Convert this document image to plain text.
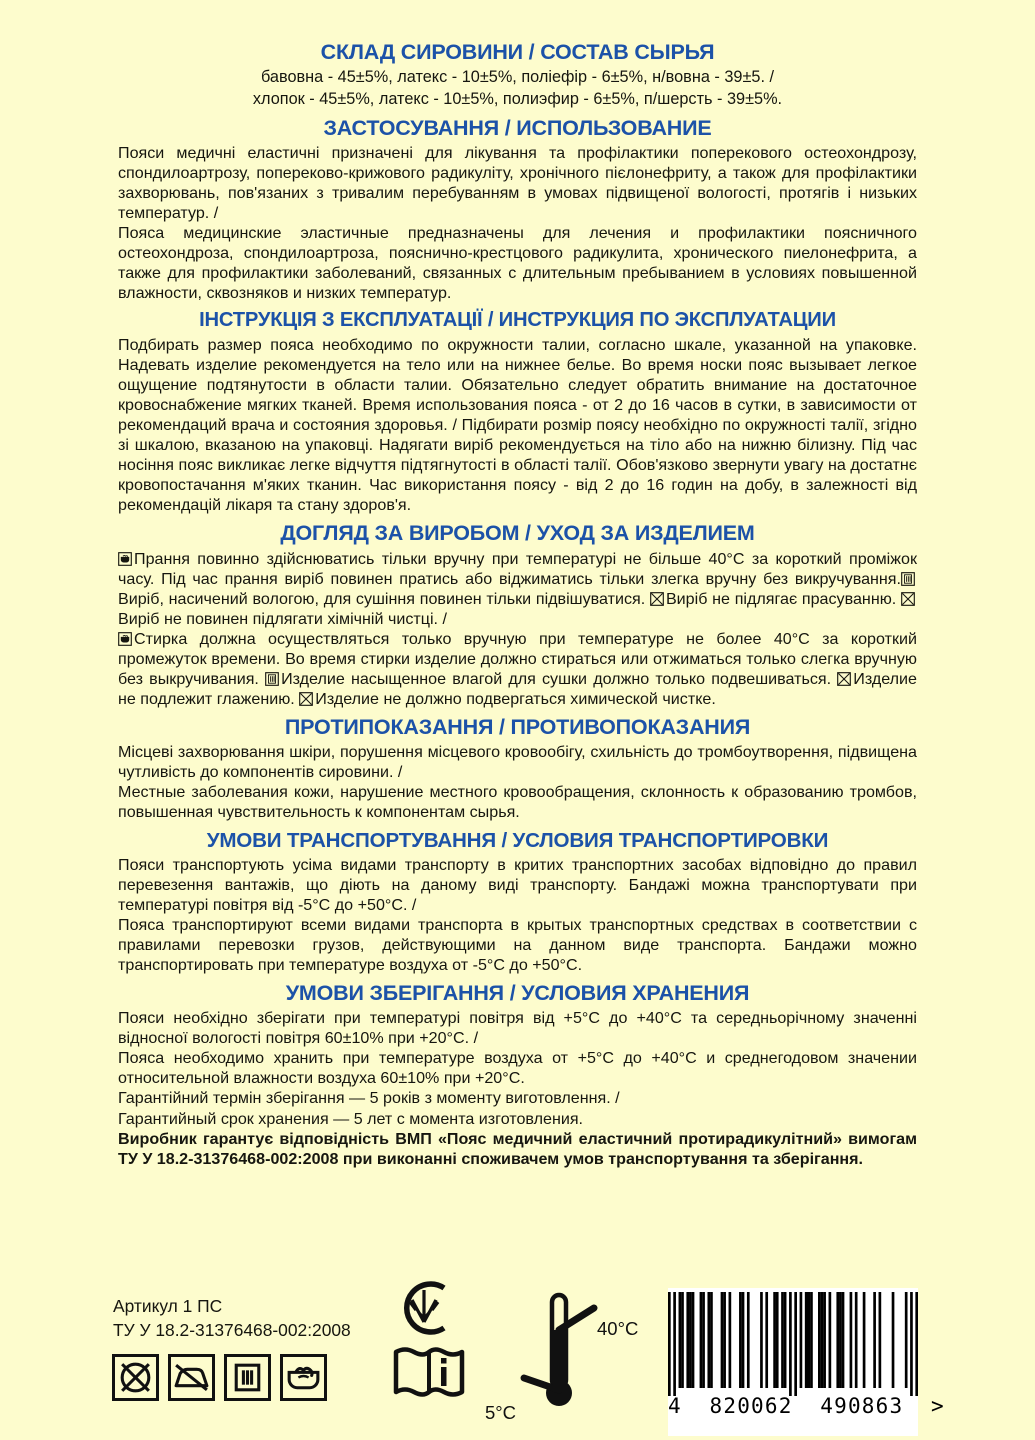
СКЛАД СИРОВИНИ / СОСТАВ СЫРЬЯ
бавовна - 45±5%, латекс - 10±5%, поліефір - 6±5%, н/вовна - 39±5. /
хлопок - 45±5%, латекс - 10±5%, полиэфир - 6±5%, п/шерсть - 39±5%.
ЗАСТОСУВАННЯ / ИСПОЛЬЗОВАНИЕ

Пояси медичні еластичні призначені для лікування та профілактики поперекового остеохондрозу, спондилоартрозу, попереково-крижового радикуліту, хронічного пієлонефриту, а також для профілактики захворювань, пов'язаних з тривалим перебуванням в умовах підвищеної вологості, протягів і низьких температур. /

Пояса медицинские эластичные предназначены для лечения и профилактики поясничного остеохондроза, спондилоартроза, пояснично-крестцового радикулита, хронического пиелонефрита, а также для профилактики заболеваний, связанных с длительным пребыванием в условиях повышенной влажности, сквозняков и низких температур.

ІНСТРУКЦІЯ З ЕКСПЛУАТАЦІЇ / ИНСТРУКЦИЯ ПО ЭКСПЛУАТАЦИИ

Подбирать размер пояса необходимо по окружности талии, согласно шкале, указанной на упаковке. Надевать изделие рекомендуется на тело или на нижнее белье. Во время носки пояс вызывает легкое ощущение подтянутости в области талии. Обязательно следует обратить внимание на достаточное кровоснабжение мягких тканей. Время использования пояса - от 2 до 16 часов в сутки, в зависимости от рекомендаций врача и состояния здоровья. / Підбирати розмір поясу необхідно по окружності талії, згідно зі шкалою, вказаною на упаковці. Надягати виріб рекомендується на тіло або на нижню білизну. Під час носіння пояс викликає легке відчуття підтягнутості в області талії. Обов'язково звернути увагу на достатнє кровопостачання м'яких тканин. Час використання поясу - від 2 до 16 годин на добу, в залежності від рекомендацій лікаря та стану здоров'я.

ДОГЛЯД ЗА ВИРОБОМ / УХОД ЗА ИЗДЕЛИЕМ

Прання повинно здійснюватись тільки вручну при температурі не більше 40°С за короткий проміжок часу. Під час прання виріб повинен пратись або віджиматись тільки злегка вручну без викручування.
Виріб, насичений вологою, для сушіння повинен тільки підвішуватися. Виріб не підлягає прасуванню.
Виріб не повинен підлягати хімічній чистці. /

Стирка должна осуществляться только вручную при температуре не более 40°С за короткий промежуток времени. Во время стирки изделие должно стираться или отжиматься только слегка вручную без выкручивания. Изделие насыщенное влагой для сушки должно только подвешиваться. Изделие не подлежит глажению. Изделие не должно подвергаться химической чистке.

ПРОТИПОКАЗАННЯ / ПРОТИВОПОКАЗАНИЯ

Місцеві захворювання шкіри, порушення місцевого кровообігу, схильність до тромбоутворення, підвищена чутливість до компонентів сировини. /

Местные заболевания кожи, нарушение местного кровообращения, склонность к образованию тромбов, повышенная чувствительность к компонентам сырья.

УМОВИ ТРАНСПОРТУВАННЯ / УСЛОВИЯ ТРАНСПОРТИРОВКИ

Пояси транспортують усіма видами транспорту в критих транспортних засобах відповідно до правил перевезення вантажів, що діють на даному виді транспорту. Бандажі можна транспортувати при температурі повітря від -5°С до +50°С. /

Пояса транспортируют всеми видами транспорта в крытых транспортных средствах в соответствии с правилами перевозки грузов, действующими на данном виде транспорта. Бандажи можно транспортировать при температуре воздуха от -5°С до +50°С.

УМОВИ ЗБЕРІГАННЯ / УСЛОВИЯ ХРАНЕНИЯ

Пояси необхідно зберігати при температурі повітря від +5°С до +40°С та середньорічному значенні відносної вологості повітря 60±10% при +20°С. /

Пояса необходимо хранить при температуре воздуха от +5°С до +40°С и среднегодовом значении относительной влажности воздуха 60±10% при +20°С.

Гарантійний термін зберігання — 5 років з моменту виготовлення. /

Гарантийный срок хранения — 5 лет с момента изготовления.

Виробник гарантує відповідність ВМП «Пояс медичний еластичний протирадикулітний» вимогам ТУ У 18.2-31376468-002:2008 при виконанні споживачем умов транспортування та зберігання.

Артикул 1 ПС
ТУ У 18.2-31376468-002:2008	40°C
5°C	4  820062  490863  >
